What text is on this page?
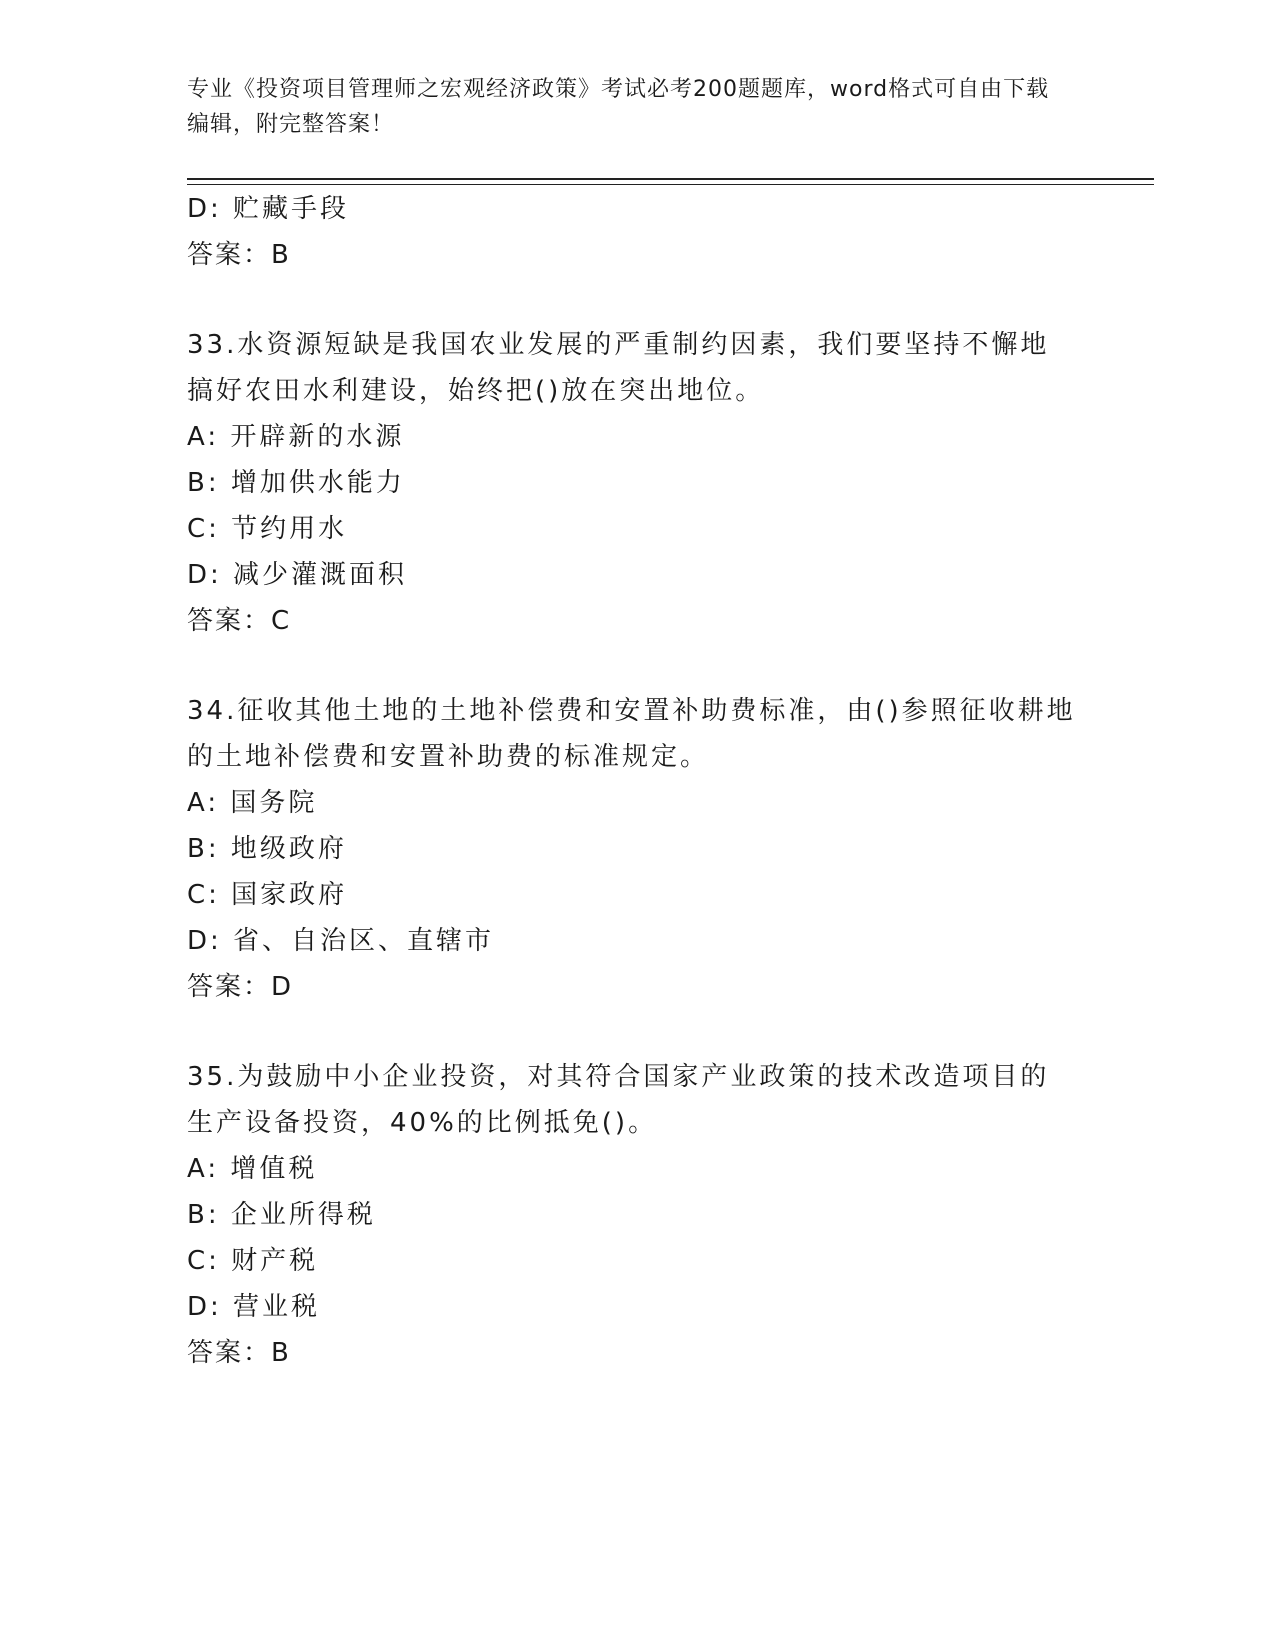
专业《投资项目管理师之宏观经济政策》考试必考200题题库，word格式可自由下载编辑，附完整答案！
D: 贮藏手段
答案：B
33.水资源短缺是我国农业发展的严重制约因素，我们要坚持不懈地搞好农田水利建设，始终把()放在突出地位。
A: 开辟新的水源
B: 增加供水能力
C: 节约用水
D: 减少灌溉面积
答案：C
34.征收其他土地的土地补偿费和安置补助费标准，由()参照征收耕地的土地补偿费和安置补助费的标准规定。
A: 国务院
B: 地级政府
C: 国家政府
D: 省、自治区、直辖市
答案：D
35.为鼓励中小企业投资，对其符合国家产业政策的技术改造项目的生产设备投资，40%的比例抵免()。
A: 增值税
B: 企业所得税
C: 财产税
D: 营业税
答案：B
